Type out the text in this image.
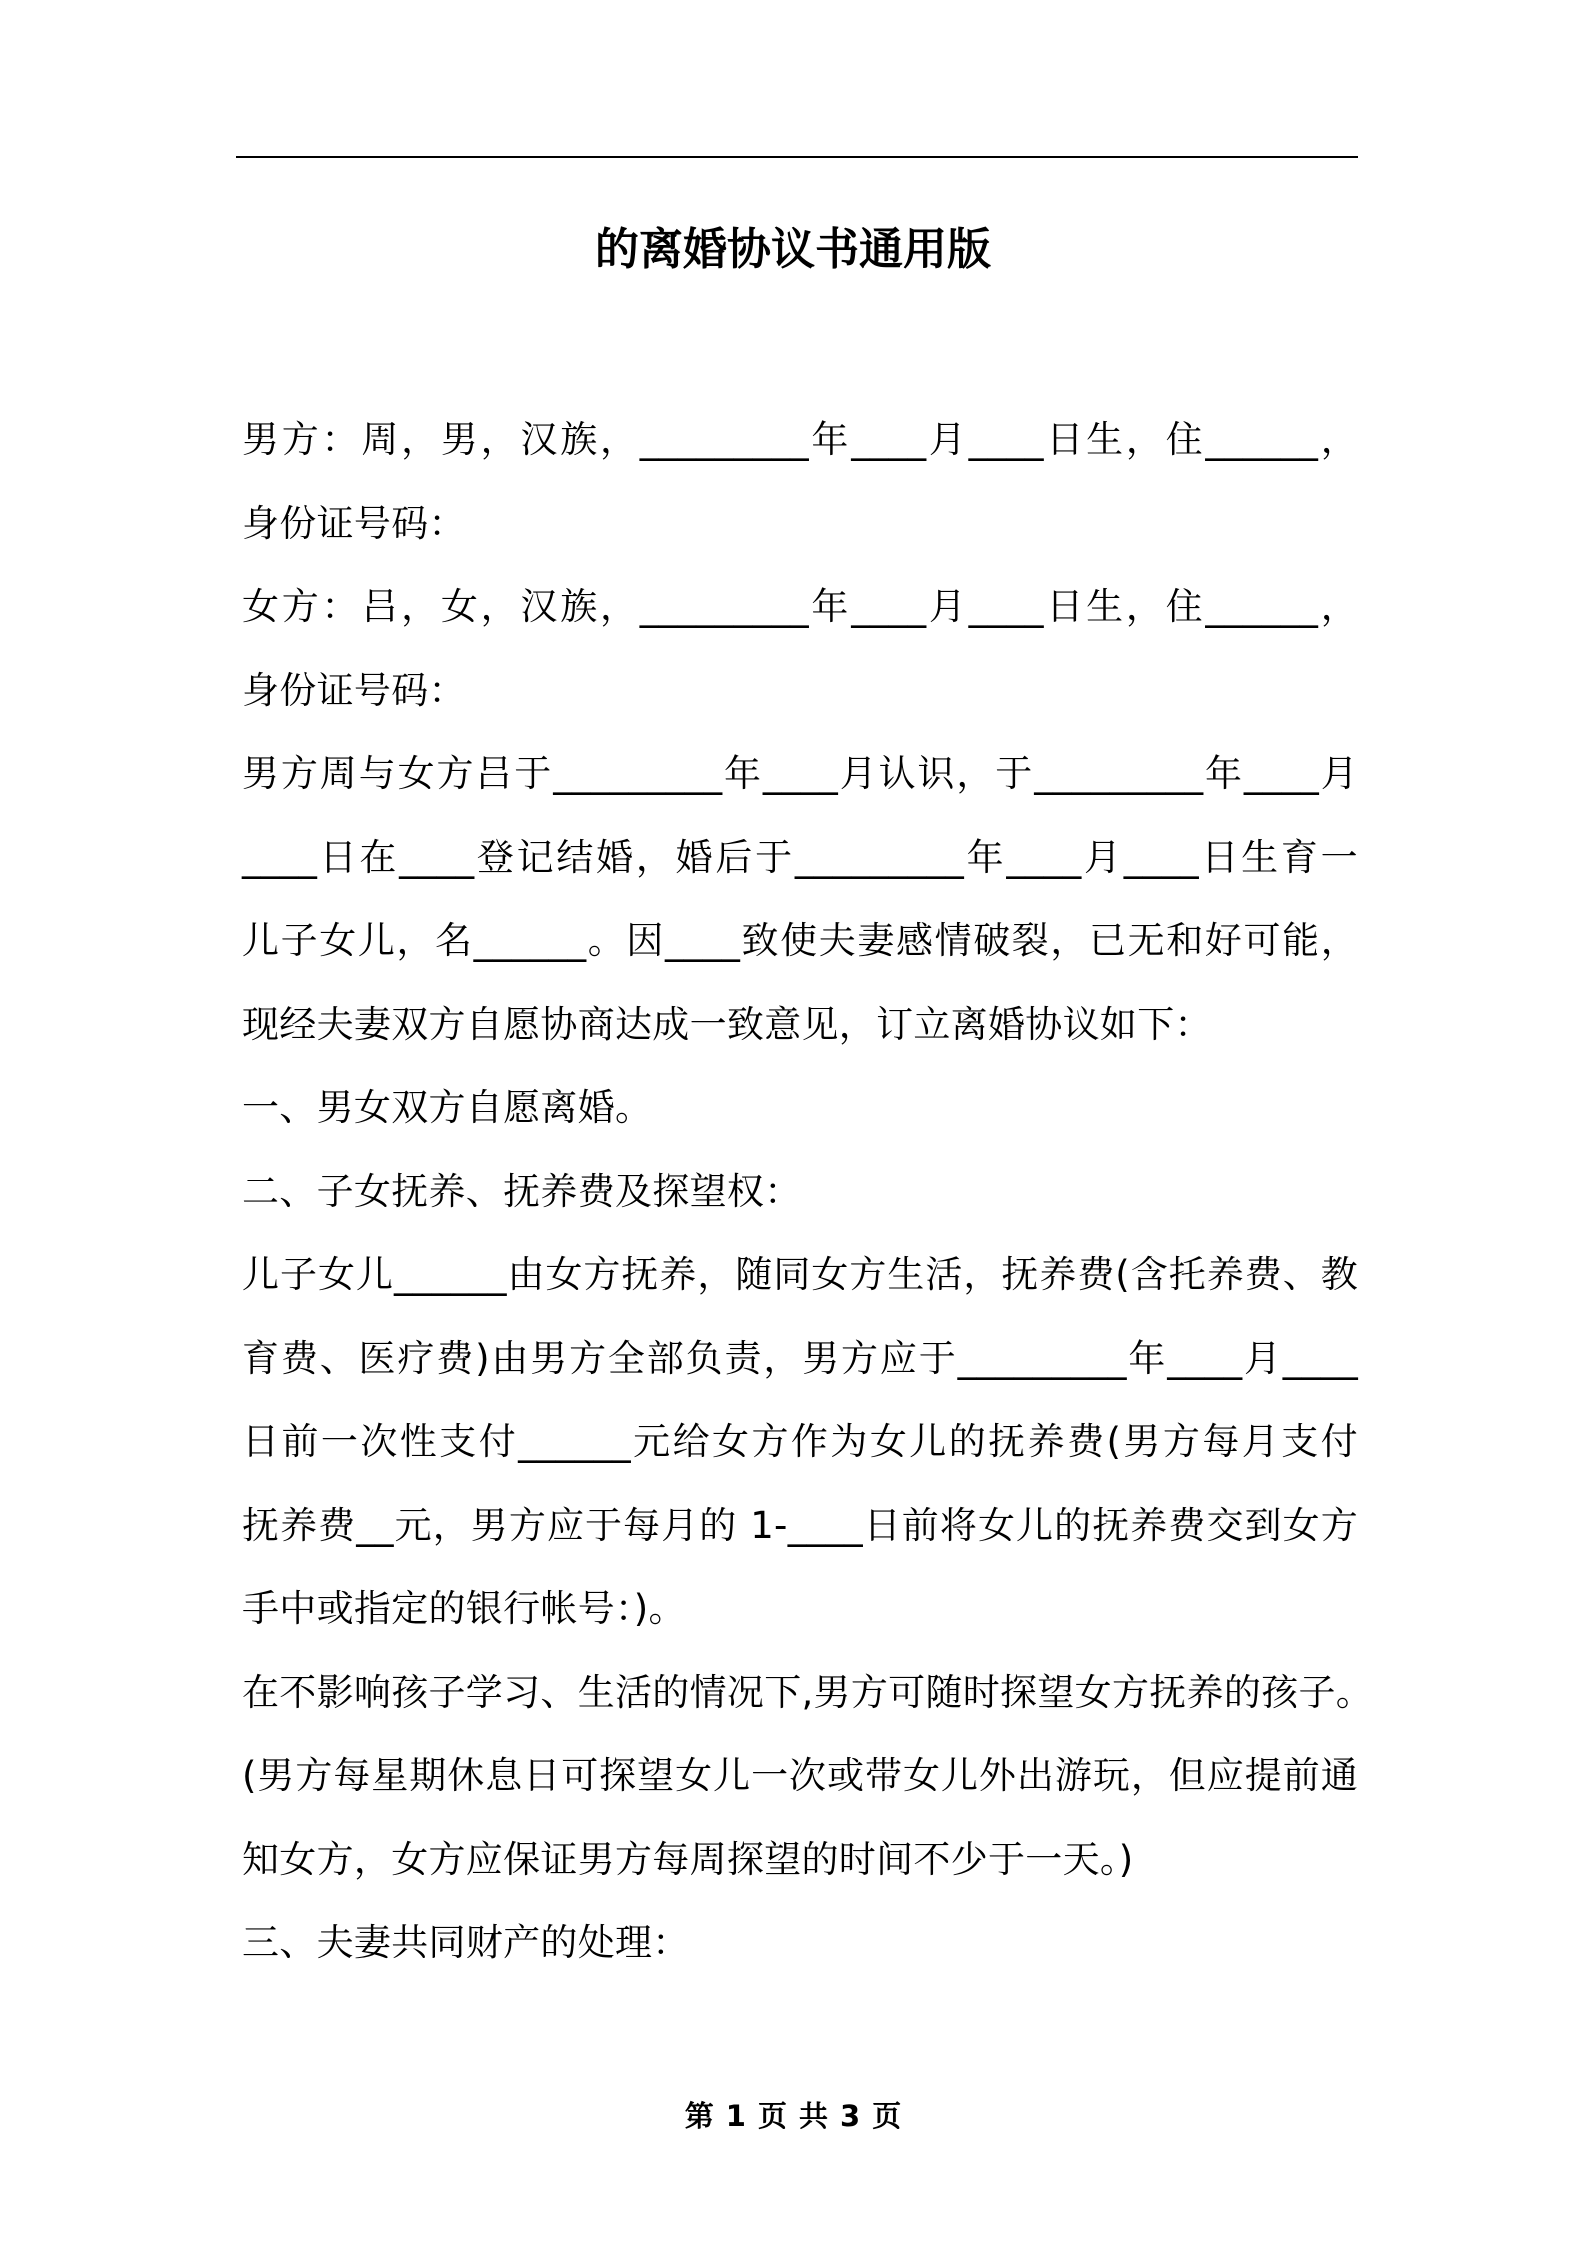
的离婚协议书通用版
男方：周，男，汉族，_________年____月____日生，住______，
身份证号码：
女方：吕，女，汉族，_________年____月____日生，住______，
身份证号码：
男方周与女方吕于_________年____月认识，于_________年____月
____日在____登记结婚，婚后于_________年____月____日生育一
儿子女儿，名______。因____致使夫妻感情破裂，已无和好可能，
现经夫妻双方自愿协商达成一致意见，订立离婚协议如下：
一、男女双方自愿离婚。
二、子女抚养、抚养费及探望权：
儿子女儿______由女方抚养，随同女方生活，抚养费(含托养费、教
育费、医疗费)由男方全部负责，男方应于_________年____月____
日前一次性支付______元给女方作为女儿的抚养费(男方每月支付
抚养费__元，男方应于每月的 1-____日前将女儿的抚养费交到女方
手中或指定的银行帐号：)。
在不影响孩子学习、生活的情况下,男方可随时探望女方抚养的孩子。
(男方每星期休息日可探望女儿一次或带女儿外出游玩，但应提前通
知女方，女方应保证男方每周探望的时间不少于一天。)
三、夫妻共同财产的处理：
第 1 页 共 3 页
